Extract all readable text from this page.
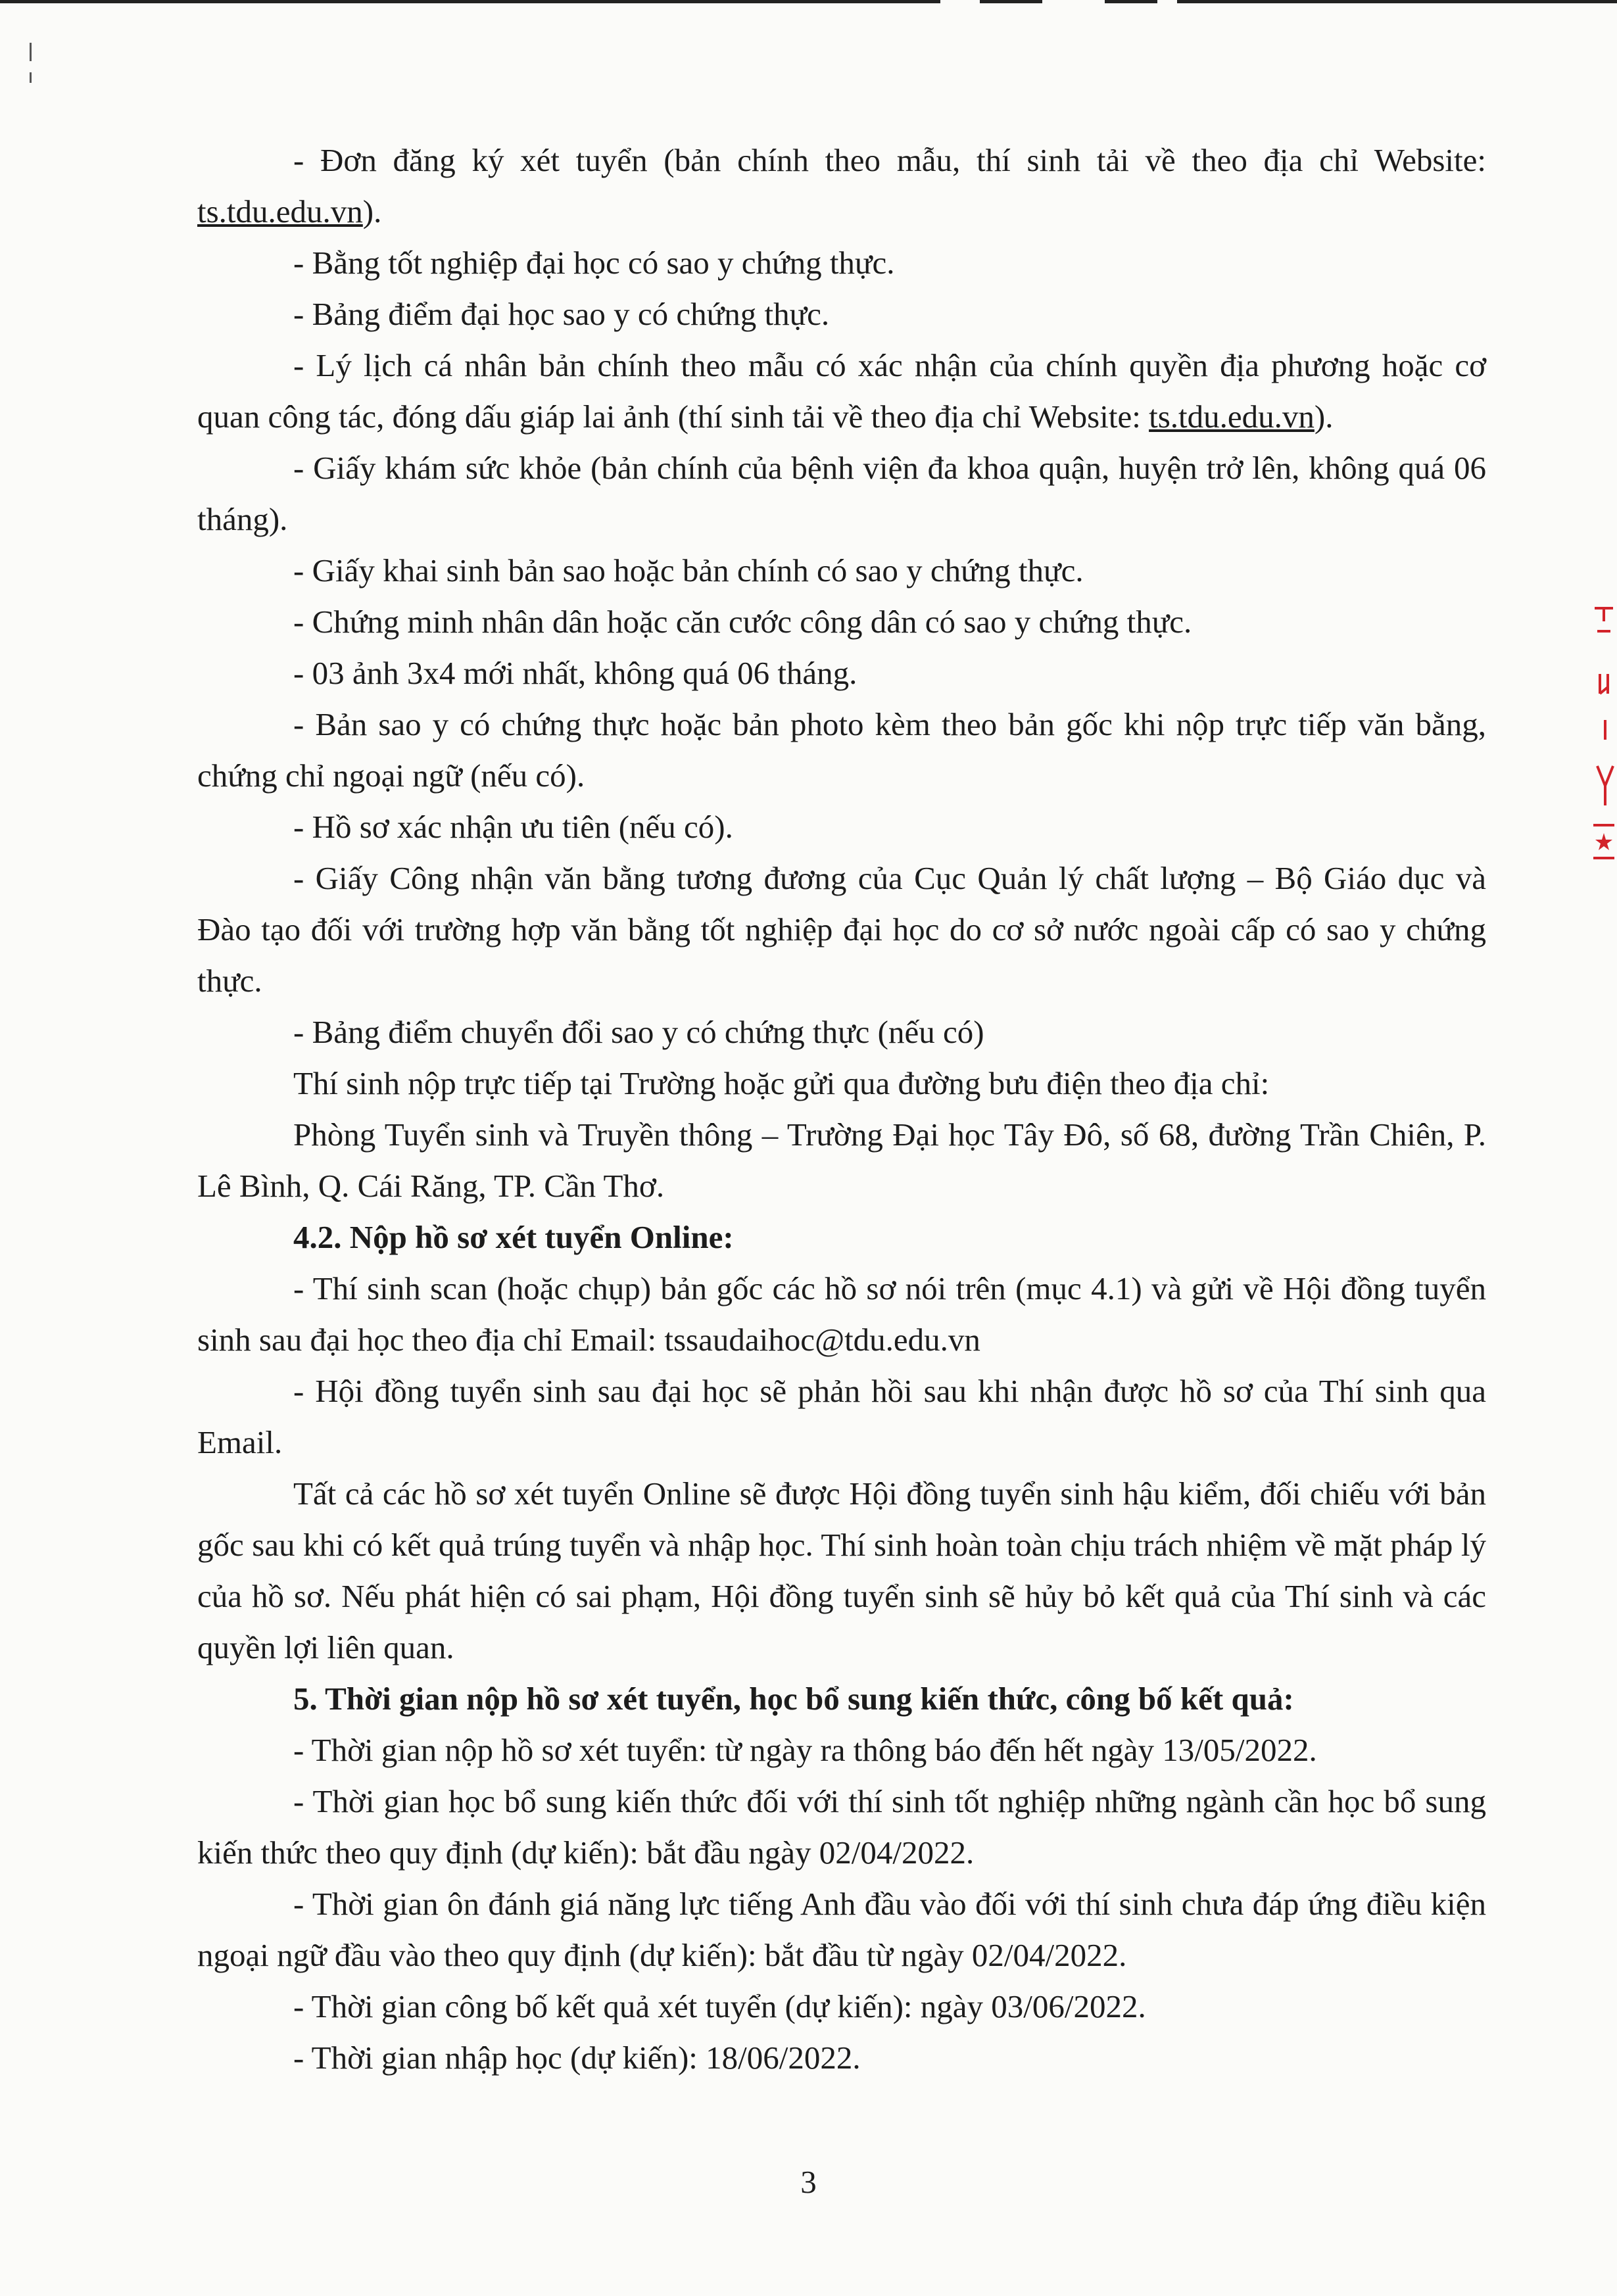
- Đơn đăng ký xét tuyển (bản chính theo mẫu, thí sinh tải về theo địa chỉ Website: ts.tdu.edu.vn).

- Bằng tốt nghiệp đại học có sao y chứng thực.

- Bảng điểm đại học sao y có chứng thực.

- Lý lịch cá nhân bản chính theo mẫu có xác nhận của chính quyền địa phương hoặc cơ quan công tác, đóng dấu giáp lai ảnh (thí sinh tải về theo địa chỉ Website: ts.tdu.edu.vn).

- Giấy khám sức khỏe (bản chính của bệnh viện đa khoa quận, huyện trở lên, không quá 06 tháng).

- Giấy khai sinh bản sao hoặc bản chính có sao y chứng thực.

- Chứng minh nhân dân hoặc căn cước công dân có sao y chứng thực.

- 03 ảnh 3x4 mới nhất, không quá 06 tháng.

- Bản sao y có chứng thực hoặc bản photo kèm theo bản gốc khi nộp trực tiếp văn bằng, chứng chỉ ngoại ngữ (nếu có).

- Hồ sơ xác nhận ưu tiên (nếu có).

- Giấy Công nhận văn bằng tương đương của Cục Quản lý chất lượng – Bộ Giáo dục và Đào tạo đối với trường hợp văn bằng tốt nghiệp đại học do cơ sở nước ngoài cấp có sao y chứng thực.

- Bảng điểm chuyển đổi sao y có chứng thực (nếu có)

Thí sinh nộp trực tiếp tại Trường hoặc gửi qua đường bưu điện theo địa chỉ:

Phòng Tuyển sinh và Truyền thông – Trường Đại học Tây Đô, số 68, đường Trần Chiên, P. Lê Bình, Q. Cái Răng, TP. Cần Thơ.

4.2. Nộp hồ sơ xét tuyển Online:

- Thí sinh scan (hoặc chụp) bản gốc các hồ sơ nói trên (mục 4.1) và gửi về Hội đồng tuyển sinh sau đại học theo địa chỉ Email: tssaudaihoc@tdu.edu.vn

- Hội đồng tuyển sinh sau đại học sẽ phản hồi sau khi nhận được hồ sơ của Thí sinh qua Email.

Tất cả các hồ sơ xét tuyển Online sẽ được Hội đồng tuyển sinh hậu kiểm, đối chiếu với bản gốc sau khi có kết quả trúng tuyển và nhập học. Thí sinh hoàn toàn chịu trách nhiệm về mặt pháp lý của hồ sơ. Nếu phát hiện có sai phạm, Hội đồng tuyển sinh sẽ hủy bỏ kết quả của Thí sinh và các quyền lợi liên quan.

5. Thời gian nộp hồ sơ xét tuyển, học bổ sung kiến thức, công bố kết quả:

- Thời gian nộp hồ sơ xét tuyển: từ ngày ra thông báo đến hết ngày 13/05/2022.

- Thời gian học bổ sung kiến thức đối với thí sinh tốt nghiệp những ngành cần học bổ sung kiến thức theo quy định (dự kiến): bắt đầu ngày 02/04/2022.

- Thời gian ôn đánh giá năng lực tiếng Anh đầu vào đối với thí sinh chưa đáp ứng điều kiện ngoại ngữ đầu vào theo quy định (dự kiến): bắt đầu từ ngày 02/04/2022.

- Thời gian công bố kết quả xét tuyển (dự kiến): ngày 03/06/2022.

- Thời gian nhập học (dự kiến): 18/06/2022.

3
